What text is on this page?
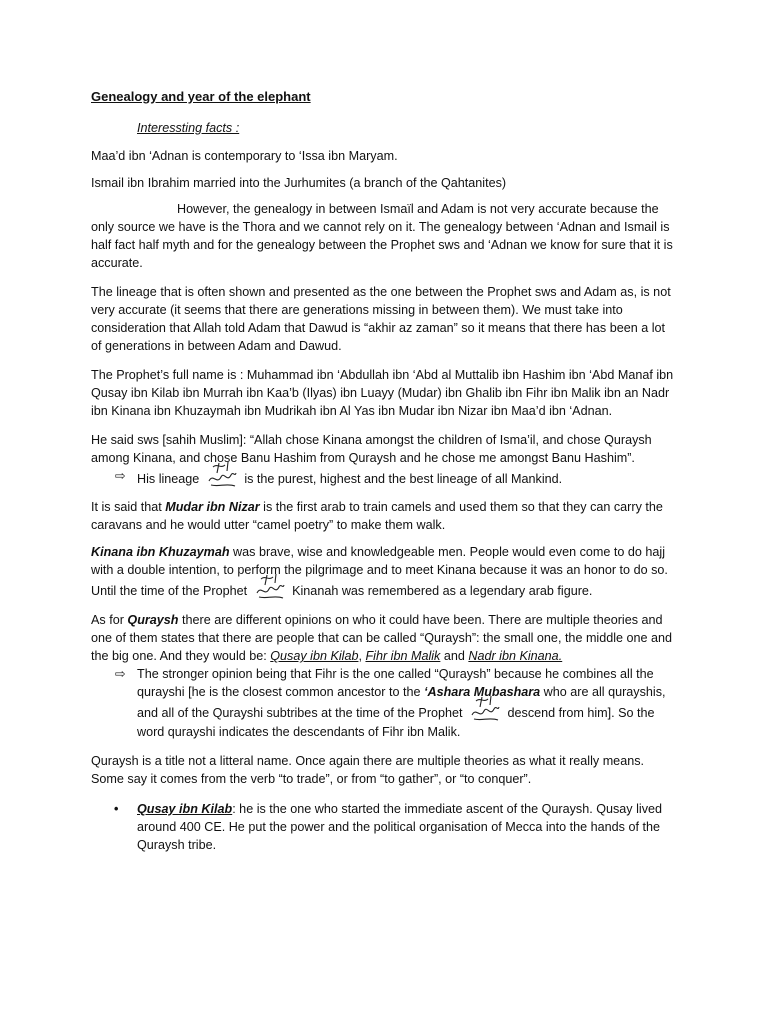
Genealogy and year of the elephant

Interessting facts :

Maa’d ibn ‘Adnan is contemporary to ‘Issa ibn Maryam.

Ismail ibn Ibrahim married into the Jurhumites (a branch of the Qahtanites)

However, the genealogy in between Ismaïl and Adam is not very accurate because the only source we have is the Thora and we cannot rely on it. The genealogy between ‘Adnan and Ismail is half fact half myth and for the genealogy between the Prophet sws and ‘Adnan we know for sure that it is accurate.

The lineage that is often shown and presented as the one between the Prophet sws and Adam as, is not very accurate (it seems that there are generations missing in between them). We must take into consideration that Allah told Adam that Dawud is “akhir az zaman” so it means that there has been a lot of generations in between Adam and Dawud.

The Prophet’s full name is : Muhammad ibn ‘Abdullah ibn ‘Abd al Muttalib ibn Hashim ibn ‘Abd Manaf ibn Qusay ibn Kilab ibn Murrah ibn Kaa’b (Ilyas) ibn Luayy (Mudar) ibn Ghalib ibn Fihr ibn Malik ibn an Nadr ibn Kinana ibn Khuzaymah ibn Mudrikah ibn Al Yas ibn Mudar ibn Nizar ibn Maa’d ibn ‘Adnan.

He said sws [sahih Muslim]: “Allah chose Kinana amongst the children of Isma’il, and chose Quraysh among Kinana, and chose Banu Hashim from Quraysh and he chose me amongst Banu Hashim”.

⇨ His lineage	is the purest, highest and the best lineage of all Mankind.

It is said that Mudar ibn Nizar is the first arab to train camels and used them so that they can carry the caravans and he would utter “camel poetry” to make them walk.

Kinana ibn Khuzaymah was brave, wise and knowledgeable men. People would even come to do hajj with a double intention, to perform the pilgrimage and to meet Kinana because it was an honor to do so. Until the time of the Prophet	Kinanah was remembered as a legendary arab figure.

As for Quraysh there are different opinions on who it could have been. There are multiple theories and one of them states that there are people that can be called “Quraysh”: the small one, the middle one and the big one. And they would be: Qusay ibn Kilab, Fihr ibn Malik and Nadr ibn Kinana.

⇨ The stronger opinion being that Fihr is the one called “Quraysh” because he combines all the qurayshi [he is the closest common ancestor to the ‘Ashara Mubashara who are all qurayshis, and all of the Qurayshi subtribes at the time of the Prophet	descend from him]. So the word qurayshi indicates the descendants of Fihr ibn Malik.

Quraysh is a title not a litteral name. Once again there are multiple theories as what it really means. Some say it comes from the verb “to trade”, or from “to gather”, or “to conquer”.

• Qusay ibn Kilab: he is the one who started the immediate ascent of the Quraysh. Qusay lived around 400 CE. He put the power and the political organisation of Mecca into the hands of the Quraysh tribe.
